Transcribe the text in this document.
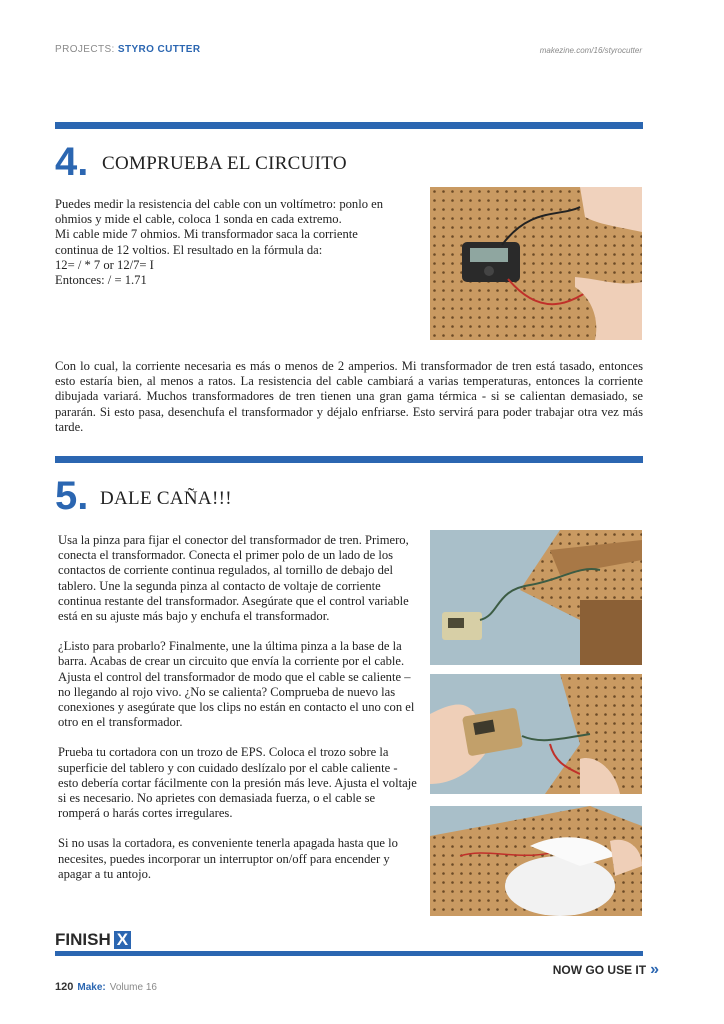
PROJECTS: STYRO CUTTER	makezine.com/16/styrocutter
4. COMPRUEBA EL CIRCUITO

Puedes medir la resistencia del cable con un voltímetro: ponlo en

ohmios y mide el cable, coloca 1 sonda en cada extremo.

Mi cable mide 7 ohmios. Mi transformador saca la corriente

continua de 12 voltios. El resultado en la fórmula da:

12= / * 7 or 12/7= I

Entonces: / = 1.71

Con lo cual, la corriente necesaria es más o menos de 2 amperios. Mi transformador de tren está tasado, entonces esto estaría bien, al menos a ratos. La resistencia del cable cambiará a varias temperaturas, entonces la corriente dibujada variará. Muchos transformadores de tren tienen una gran gama térmica - si se calientan demasiado, se pararán. Si esto pasa, desenchufa el transformador y déjalo enfriarse. Esto servirá para poder trabajar otra vez más tarde.
5. DALE CAÑA!!!

Usa la pinza para fijar el conector del transformador de tren. Primero, conecta el transformador. Conecta el primer polo de un lado de los contactos de corriente continua regulados, al tornillo de debajo del tablero. Une la segunda pinza al contacto de voltaje de corriente continua restante del transformador. Asegúrate que el control variable está en su ajuste más bajo y enchufa el transformador.

¿Listo para probarlo? Finalmente, une la última pinza a la base de la barra. Acabas de crear un circuito que envía la corriente por el cable. Ajusta el control del transformador de modo que el cable se caliente – no llegando al rojo vivo. ¿No se calienta? Comprueba de nuevo las conexiones y asegúrate que los clips no están en contacto el uno con el otro en el transformador.

Prueba tu cortadora con un trozo de EPS. Coloca el trozo sobre la superficie del tablero y con cuidado deslízalo por el cable caliente - esto debería cortar fácilmente con la presión más leve. Ajusta el voltaje si es necesario. No aprietes con demasiada fuerza, o el cable se romperá o harás cortes irregulares.

Si no usas la cortadora, es conveniente tenerla apagada hasta que lo necesites, puedes incorporar un interruptor on/off para encender y apagar a tu antojo.

FINISH X
NOW GO USE IT »
120 Make: Volume 16
